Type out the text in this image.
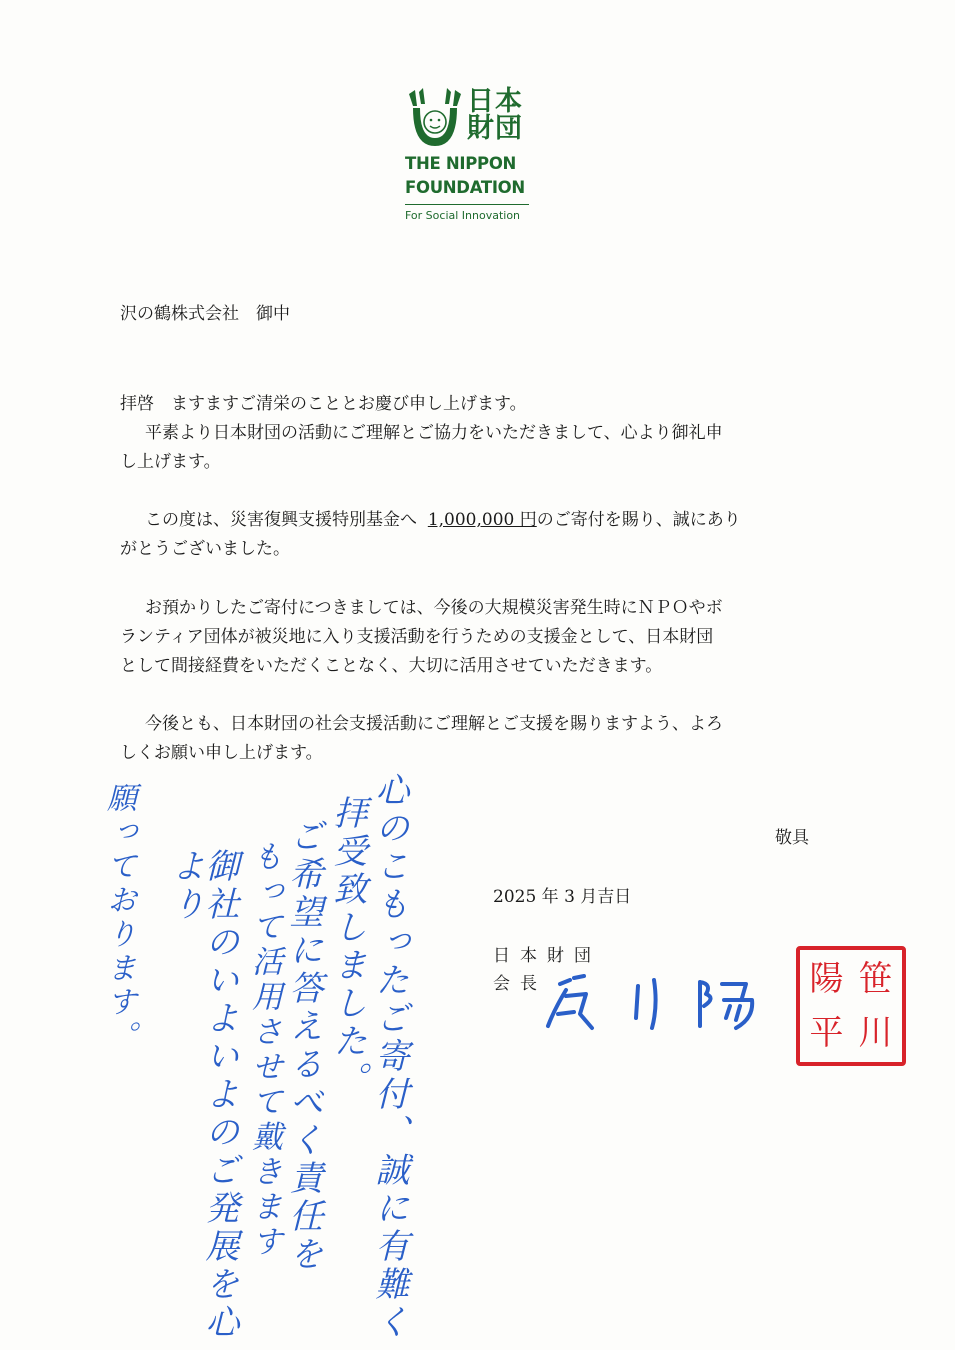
日本
財団
THE NIPPON
FOUNDATION
For Social Innovation
沢の鶴株式会社　御中
拝啓　ますますご清栄のこととお慶び申し上げます。
平素より日本財団の活動にご理解とご協力をいただきまして、心より御礼申
し上げます。
この度は、災害復興支援特別基金へ 1,000,000 円のご寄付を賜り、誠にあり
がとうございました。
お預かりしたご寄付につきましては、今後の大規模災害発生時にＮＰＯやボ
ランティア団体が被災地に入り支援活動を行うための支援金として、日本財団
として間接経費をいただくことなく、大切に活用させていただきます。
今後とも、日本財団の社会支援活動にご理解とご支援を賜りますよう、よろ
しくお願い申し上げます。
敬具
2025 年 3 月吉日
日本財団
会長	陽 笹
平 川
心のこもったご寄付、誠に有難く
拝受致しました。
ご希望に答えるべく責任を
もって活用させて戴きます
御社のいよいよのご発展を心より
願っております。
